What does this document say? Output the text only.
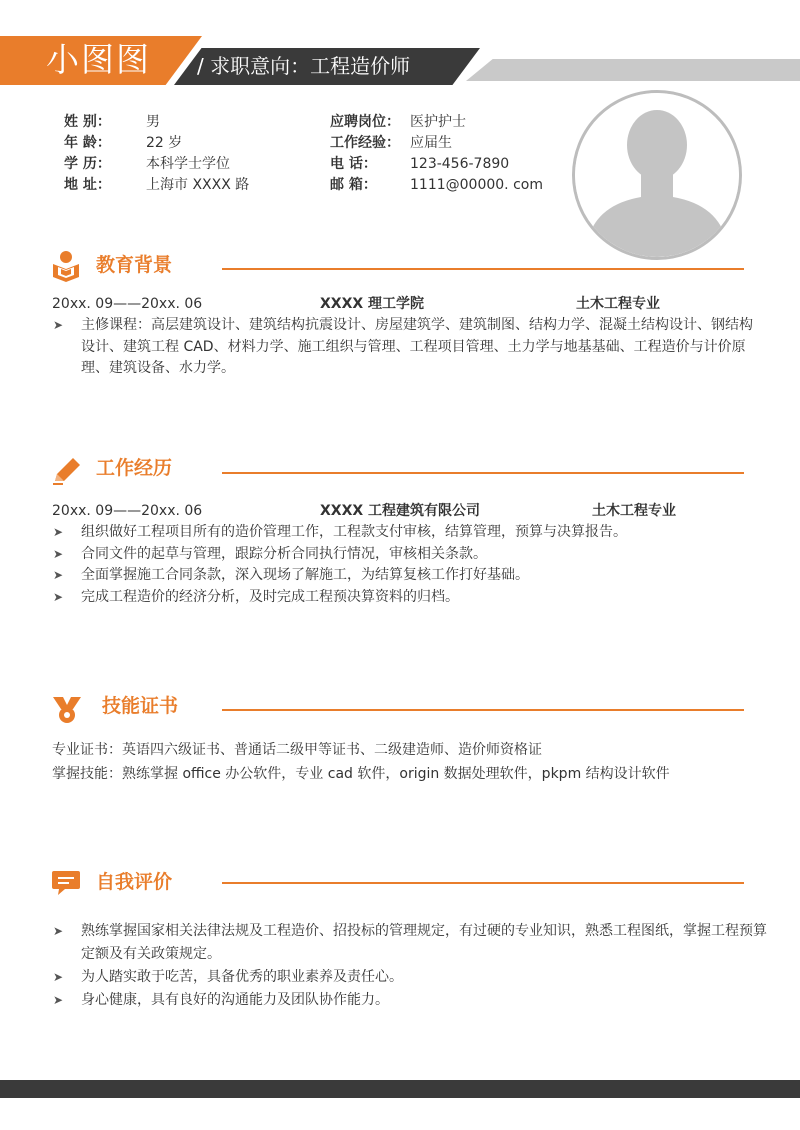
小图图 / 求职意向：工程造价师
姓 别：	男
年 龄：	22 岁
学 历：	本科学士学位
地 址：	上海市 XXXX 路
应聘岗位： 医护护士
工作经验： 应届生
电 话： 123-456-7890
邮 箱： 1111@00000. com
教育背景
20xx. 09——20xx. 06	XXXX 理工学院	土木工程专业
➤ 主修课程：高层建筑设计、建筑结构抗震设计、房屋建筑学、建筑制图、结构力学、混凝土结构设计、钢结构设计、建筑工程 CAD、材料力学、施工组织与管理、工程项目管理、土力学与地基基础、工程造价与计价原理、建筑设备、水力学。
工作经历
20xx. 09——20xx. 06	XXXX 工程建筑有限公司	土木工程专业
➤ 组织做好工程项目所有的造价管理工作，工程款支付审核，结算管理，预算与决算报告。
➤ 合同文件的起草与管理，跟踪分析合同执行情况，审核相关条款。
➤ 全面掌握施工合同条款，深入现场了解施工，为结算复核工作打好基础。
➤ 完成工程造价的经济分析，及时完成工程预决算资料的归档。
技能证书
专业证书：英语四六级证书、普通话二级甲等证书、二级建造师、造价师资格证
掌握技能：熟练掌握 office 办公软件，专业 cad 软件，origin 数据处理软件，pkpm 结构设计软件
自我评价
➤ 熟练掌握国家相关法律法规及工程造价、招投标的管理规定，有过硬的专业知识，熟悉工程图纸，掌握工程预算定额及有关政策规定。
➤ 为人踏实敢于吃苦，具备优秀的职业素养及责任心。
➤ 身心健康，具有良好的沟通能力及团队协作能力。
